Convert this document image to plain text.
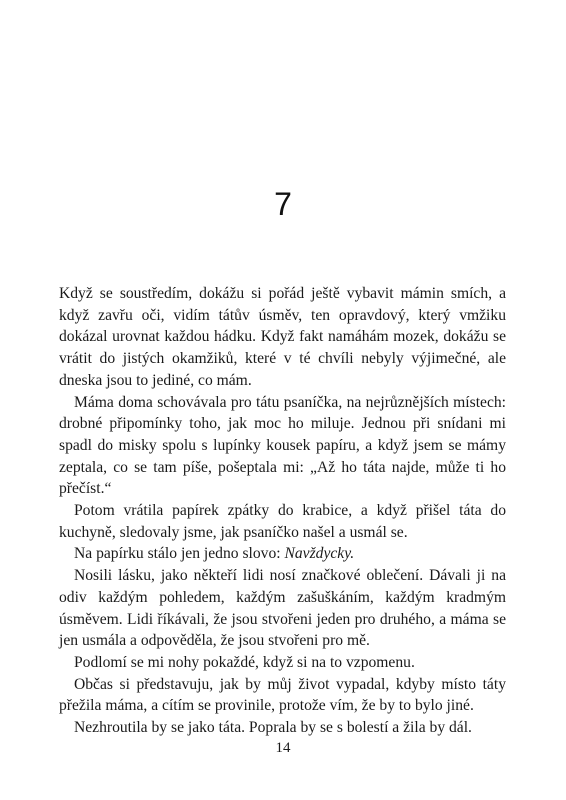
7

Když se soustředím, dokážu si pořád ještě vybavit mámin smích, a když zavřu oči, vidím tátův úsměv, ten opravdový, který vmžiku dokázal urovnat každou hádku. Když fakt namáhám mozek, dokážu se vrátit do jistých okamžiků, které v té chvíli nebyly výjimečné, ale dneska jsou to jediné, co mám.

Máma doma schovávala pro tátu psaníčka, na nejrůznějších místech: drobné připomínky toho, jak moc ho miluje. Jednou při snídani mi spadl do misky spolu s lupínky kousek papíru, a když jsem se mámy zeptala, co se tam píše, pošeptala mi: „Až ho táta najde, může ti ho přečíst.“

Potom vrátila papírek zpátky do krabice, a když přišel táta do kuchyně, sledovaly jsme, jak psaníčko našel a usmál se.

Na papírku stálo jen jedno slovo: Navždycky.

Nosili lásku, jako někteří lidi nosí značkové oblečení. Dávali ji na odiv každým pohledem, každým zašuškáním, každým kradmým úsměvem. Lidi říkávali, že jsou stvořeni jeden pro druhého, a máma se jen usmála a odpověděla, že jsou stvořeni pro mě.

Podlomí se mi nohy pokaždé, když si na to vzpomenu.

Občas si představuju, jak by můj život vypadal, kdyby místo táty přežila máma, a cítím se provinile, protože vím, že by to bylo jiné.

Nezhroutila by se jako táta. Poprala by se s bolestí a žila by dál.

14
